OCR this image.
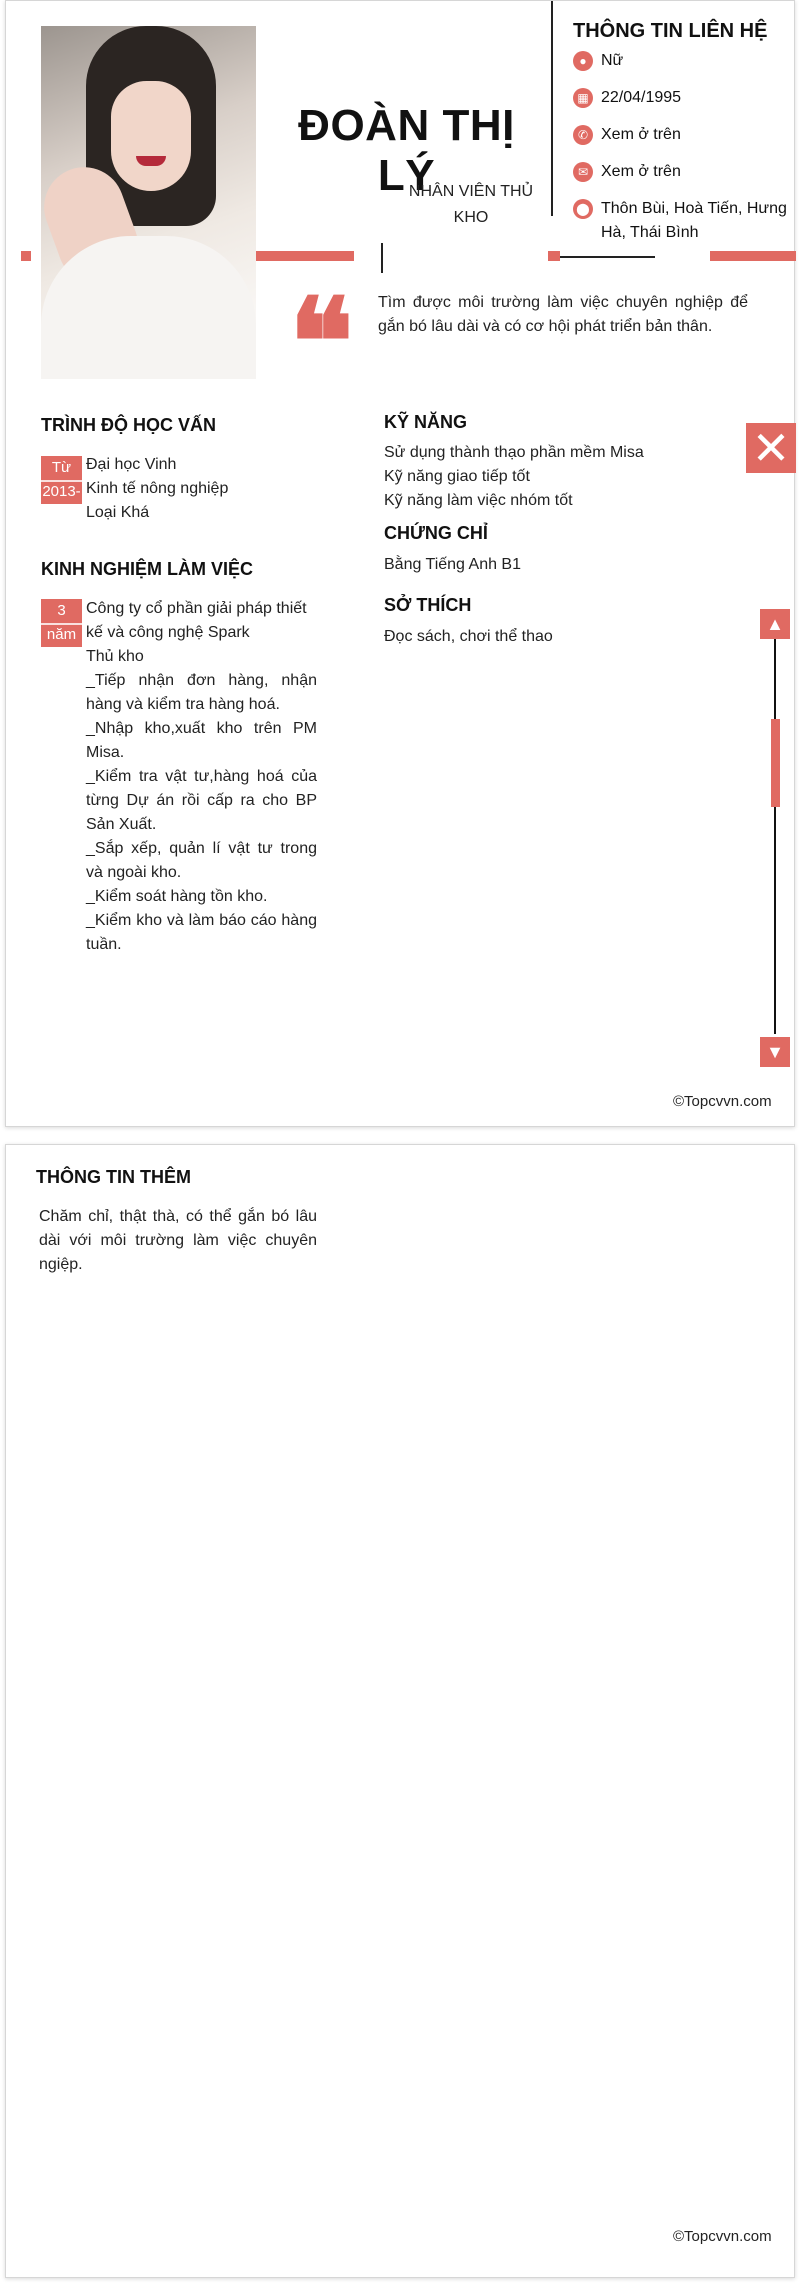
ĐOÀN THỊ LÝ
NHÂN VIÊN THỦ KHO
THÔNG TIN LIÊN HỆ
● Nữ
▦ 22/04/1995
✆ Xem ở trên
✉ Xem ở trên
⬤ Thôn Bùi, Hoà Tiến, Hưng Hà, Thái Bình
❝ Tìm được môi trường làm việc chuyên nghiệp để gắn bó lâu dài và có cơ hội phát triển bản thân.
TRÌNH ĐỘ HỌC VẤN
Từ
2013-
Đại học Vinh
Kinh tế nông nghiệp
Loại Khá
KINH NGHIỆM LÀM VIỆC
3
năm
Công ty cổ phần giải pháp thiết kế và công nghệ Spark
Thủ kho
_Tiếp nhận đơn hàng, nhận hàng và kiểm tra hàng hoá.
_Nhập kho,xuất kho trên PM Misa.
_Kiểm tra vật tư,hàng hoá của từng Dự án rồi cấp ra cho BP Sản Xuất.
_Sắp xếp, quản lí vật tư trong và ngoài kho.
_Kiểm soát hàng tồn kho.
_Kiểm kho và làm báo cáo hàng tuần.
KỸ NĂNG
Sử dụng thành thạo phần mềm Misa
Kỹ năng giao tiếp tốt
Kỹ năng làm việc nhóm tốt
CHỨNG CHỈ
Bằng Tiếng Anh B1
SỞ THÍCH
Đọc sách, chơi thể thao
✕
▲
▼
©Topcvvn.com
THÔNG TIN THÊM
Chăm chỉ, thật thà, có thể gắn bó lâu dài với môi trường làm việc chuyên ngiệp.
©Topcvvn.com
